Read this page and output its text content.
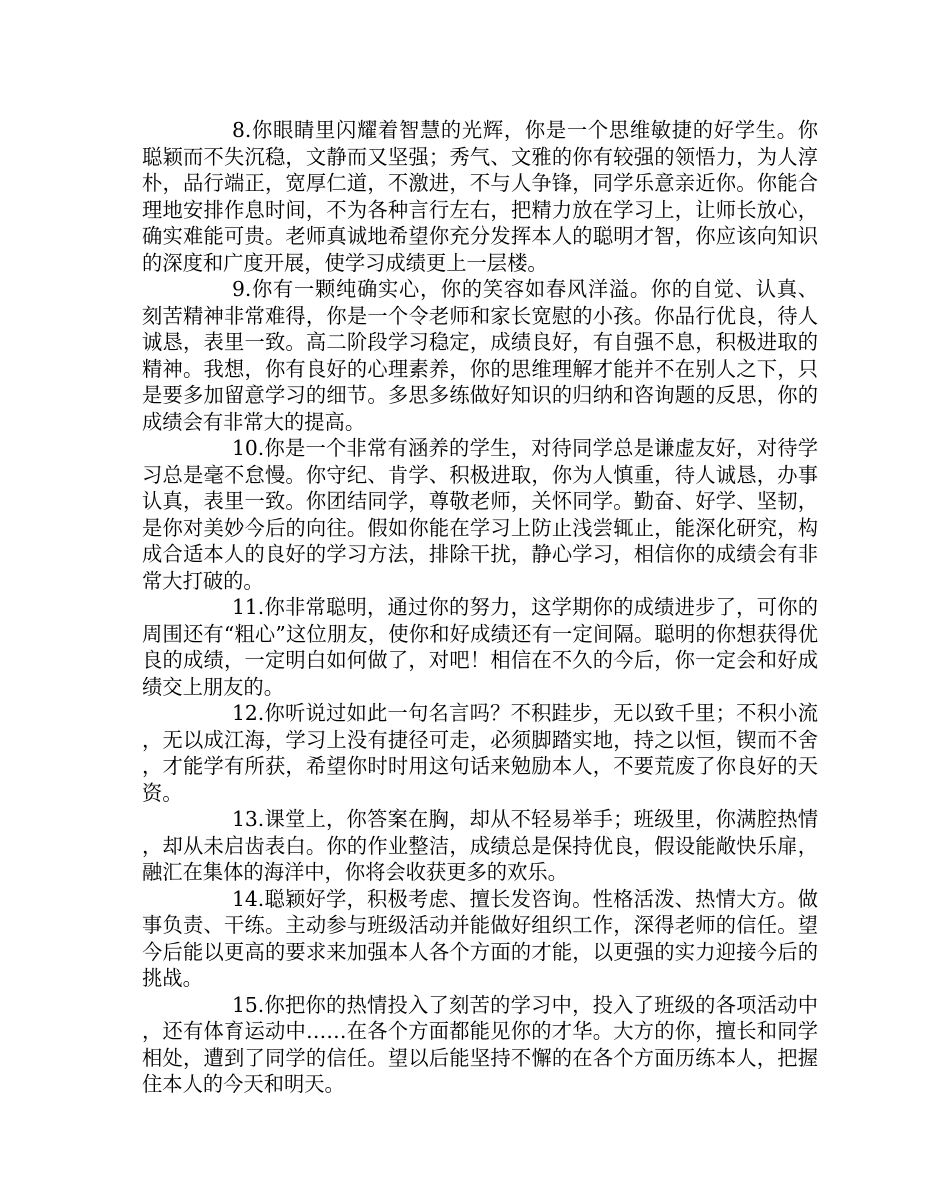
8.你眼睛里闪耀着智慧的光辉，你是一个思维敏捷的好学生。你聪颖而不失沉稳，文静而又坚强；秀气、文雅的你有较强的领悟力，为人淳朴，品行端正，宽厚仁道，不激进，不与人争锋，同学乐意亲近你。你能合理地安排作息时间，不为各种言行左右，把精力放在学习上，让师长放心，确实难能可贵。老师真诚地希望你充分发挥本人的聪明才智，你应该向知识的深度和广度开展，使学习成绩更上一层楼。

9.你有一颗纯确实心，你的笑容如春风洋溢。你的自觉、认真、刻苦精神非常难得，你是一个令老师和家长宽慰的小孩。你品行优良，待人诚恳，表里一致。高二阶段学习稳定，成绩良好，有自强不息，积极进取的精神。我想，你有良好的心理素养，你的思维理解才能并不在别人之下，只是要多加留意学习的细节。多思多练做好知识的归纳和咨询题的反思，你的成绩会有非常大的提高。

10.你是一个非常有涵养的学生，对待同学总是谦虚友好，对待学习总是毫不怠慢。你守纪、肯学、积极进取，你为人慎重，待人诚恳，办事认真，表里一致。你团结同学，尊敬老师，关怀同学。勤奋、好学、坚韧，是你对美妙今后的向往。假如你能在学习上防止浅尝辄止，能深化研究，构成合适本人的良好的学习方法，排除干扰，静心学习，相信你的成绩会有非常大打破的。

11.你非常聪明，通过你的努力，这学期你的成绩进步了，可你的周围还有“粗心”这位朋友，使你和好成绩还有一定间隔。聪明的你想获得优良的成绩，一定明白如何做了，对吧！相信在不久的今后，你一定会和好成绩交上朋友的。

12.你听说过如此一句名言吗？不积跬步，无以致千里；不积小流，无以成江海，学习上没有捷径可走，必须脚踏实地，持之以恒，锲而不舍，才能学有所获，希望你时时用这句话来勉励本人，不要荒废了你良好的天资。

13.课堂上，你答案在胸，却从不轻易举手；班级里，你满腔热情，却从未启齿表白。你的作业整洁，成绩总是保持优良，假设能敞快乐扉，融汇在集体的海洋中，你将会收获更多的欢乐。

14.聪颖好学，积极考虑、擅长发咨询。性格活泼、热情大方。做事负责、干练。主动参与班级活动并能做好组织工作，深得老师的信任。望今后能以更高的要求来加强本人各个方面的才能，以更强的实力迎接今后的挑战。

15.你把你的热情投入了刻苦的学习中，投入了班级的各项活动中，还有体育运动中……在各个方面都能见你的才华。大方的你，擅长和同学相处，遭到了同学的信任。望以后能坚持不懈的在各个方面历练本人，把握住本人的今天和明天。
